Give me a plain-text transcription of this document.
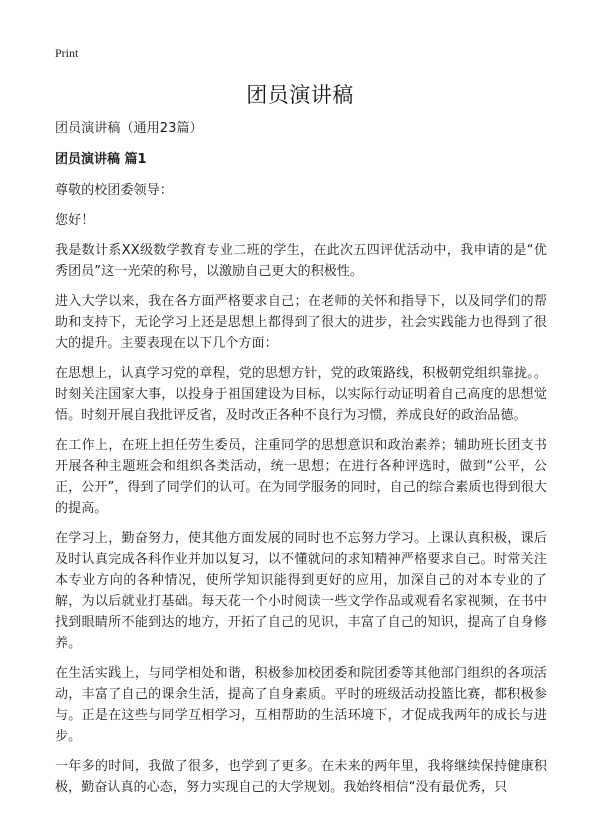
Print
团员演讲稿

团员演讲稿（通用23篇）

团员演讲稿 篇1

尊敬的校团委领导：

您好！

我是数计系XX级数学教育专业二班的学生，在此次五四评优活动中，我申请的是“优秀团员”这一光荣的称号，以激励自己更大的积极性。

进入大学以来，我在各方面严格要求自己；在老师的关怀和指导下，以及同学们的帮助和支持下，无论学习上还是思想上都得到了很大的进步，社会实践能力也得到了很大的提升。主要表现在以下几个方面：

在思想上，认真学习党的章程，党的思想方针，党的政策路线，积极朝党组织靠拢。。时刻关注国家大事，以投身于祖国建设为目标，以实际行动证明着自己高度的思想觉悟。时刻开展自我批评反省，及时改正各种不良行为习惯，养成良好的政治品德。

在工作上，在班上担任劳生委员，注重同学的思想意识和政治素养；辅助班长团支书开展各种主题班会和组织各类活动，统一思想；在进行各种评选时，做到“公平，公正，公开”，得到了同学们的认可。在为同学服务的同时，自己的综合素质也得到很大的提高。

在学习上，勤奋努力，使其他方面发展的同时也不忘努力学习。上课认真积极，课后及时认真完成各科作业并加以复习，以不懂就问的求知精神严格要求自己。时常关注本专业方向的各种情况，使所学知识能得到更好的应用，加深自己的对本专业的了解，为以后就业打基础。每天花一个小时阅读一些文学作品或观看名家视频，在书中找到眼睛所不能到达的地方，开拓了自己的见识，丰富了自己的知识，提高了自身修养。

在生活实践上，与同学相处和谐，积极参加校团委和院团委等其他部门组织的各项活动，丰富了自己的课余生活，提高了自身素质。平时的班级活动投篮比赛，都积极参与。正是在这些与同学互相学习，互相帮助的生活环境下，才促成我两年的成长与进步。

一年多的时间，我做了很多，也学到了更多。在未来的两年里，我将继续保持健康积极，勤奋认真的心态，努力实现自己的大学规划。我始终相信“没有最优秀，只
